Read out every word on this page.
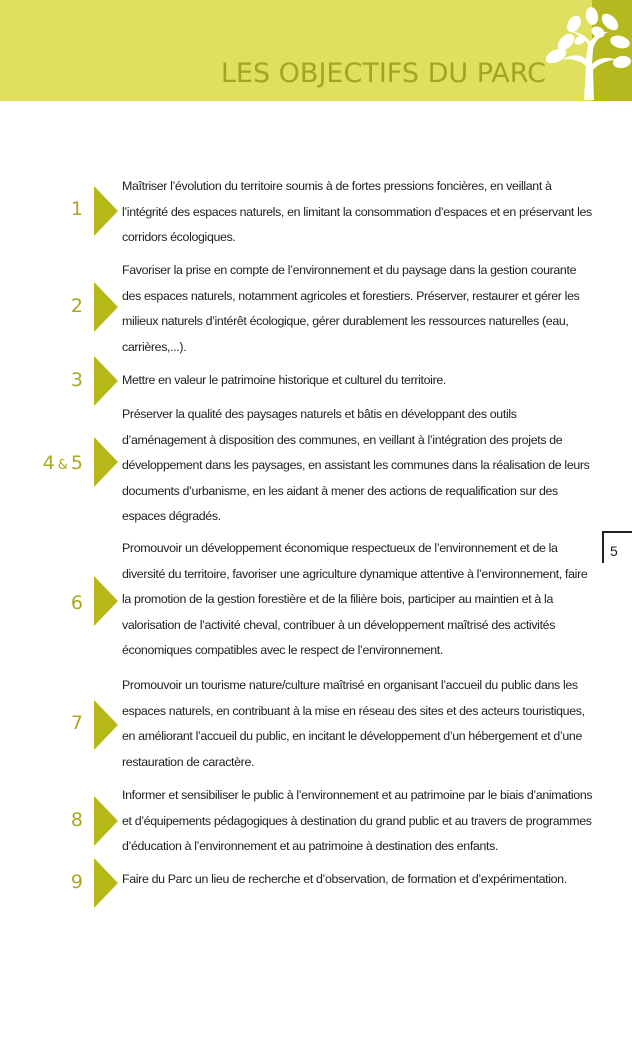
LES OBJECTIFS DU PARC
1

Maîtriser l’évolution du territoire soumis à de fortes pressions foncières, en veillant à l’intégrité des espaces naturels, en limitant la consommation d’espaces et en préservant les corridors écologiques.

2

Favoriser la prise en compte de l’environnement et du paysage dans la gestion courante des espaces naturels, notamment agricoles et forestiers. Préserver, restaurer et gérer les milieux naturels d’intérêt écologique, gérer durablement les ressources naturelles (eau, carrières,...).

3	Mettre en valeur le patrimoine historique et culturel du territoire.

4 & 5

Préserver la qualité des paysages naturels et bâtis en développant des outils d’aménagement à disposition des communes, en veillant à l’intégration des projets de développement dans les paysages, en assistant les communes dans la réalisation de leurs documents d’urbanisme, en les aidant à mener des actions de requalification sur des espaces dégradés.

6

Promouvoir un développement économique respectueux de l’environnement et de la diversité du territoire, favoriser une agriculture dynamique attentive à l’environnement, faire la promotion de la gestion forestière et de la filière bois, participer au maintien et à la valorisation de l’activité cheval, contribuer à un développement maîtrisé des activités économiques compatibles avec le respect de l’environnement.

7

Promouvoir un tourisme nature/culture maîtrisé en organisant l’accueil du public dans les espaces naturels, en contribuant à la mise en réseau des sites et des acteurs touristiques, en améliorant l’accueil du public, en incitant le développement d’un hébergement et d’une restauration de caractère.

8

Informer et sensibiliser le public à l’environnement et au patrimoine par le biais d’animations et d’équipements pédagogiques à destination du grand public et au travers de programmes d’éducation à l’environnement et au patrimoine à destination des enfants.

9	Faire du Parc un lieu de recherche et d’observation, de formation et d’expérimentation.

5
